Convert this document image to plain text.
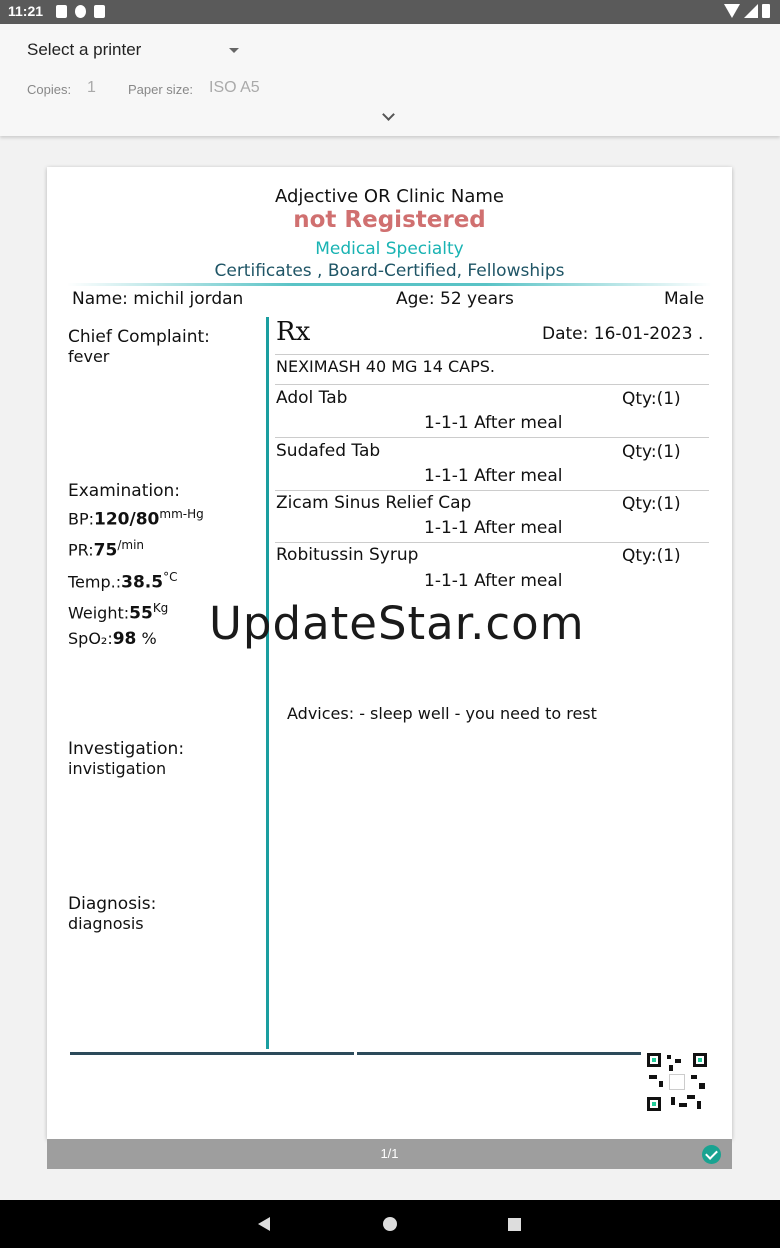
11:21
Select a printer
Copies: 1 Paper size: ISO A5
Adjective OR Clinic Name
not Registered
Medical Specialty
Certificates , Board-Certified, Fellowships
Name: michil jordan	Age: 52 years	Male
Chief Complaint:
fever
Examination:
$BP:120/80^{mm-Hg}$
$PR:75^{/min}$
$Temp.:38.5^{^\circ C}$
$Weight:55^{Kg}$
SpO₂:98 %
Investigation:
invistigation
Diagnosis:
diagnosis
Rx	Date: 16-01-2023 .
NEXIMASH 40 MG 14 CAPS.
Adol Tab	Qty:(1)
1-1-1 After meal
Sudafed Tab	Qty:(1)
1-1-1 After meal
Zicam Sinus Relief Cap	Qty:(1)
1-1-1 After meal
Robitussin Syrup	Qty:(1)
1-1-1 After meal
Advices: - sleep well - you need to rest
UpdateStar.com
1/1
